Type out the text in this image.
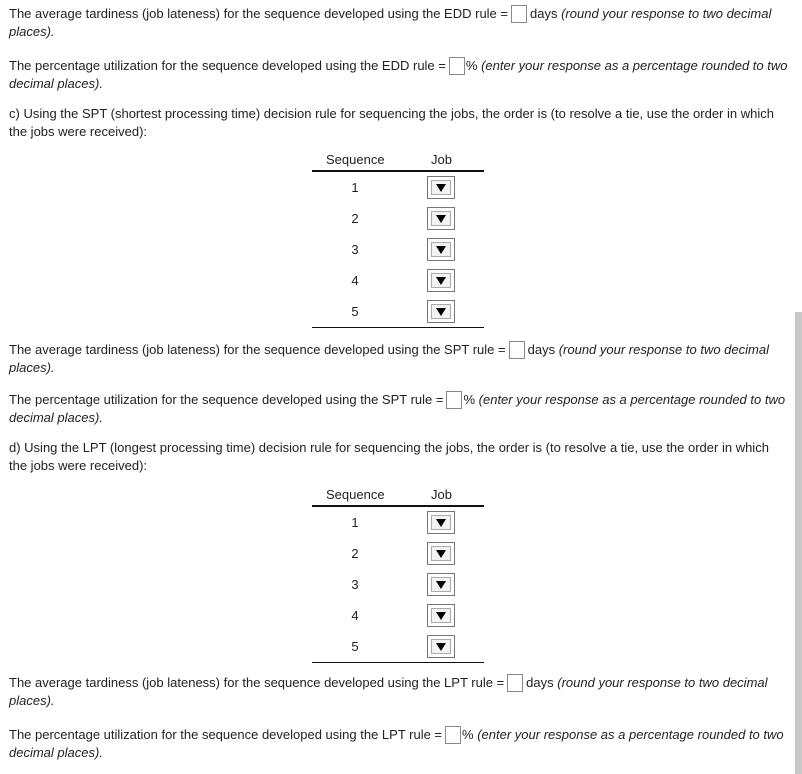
The average tardiness (job lateness) for the sequence developed using the EDD rule = days (round your response to two decimal places).
The percentage utilization for the sequence developed using the EDD rule = % (enter your response as a percentage rounded to two decimal places).
c) Using the SPT (shortest processing time) decision rule for sequencing the jobs, the order is (to resolve a tie, use the order in which the jobs were received):
Sequence	Job
1
2
3
4
5
The average tardiness (job lateness) for the sequence developed using the SPT rule = days (round your response to two decimal places).
The percentage utilization for the sequence developed using the SPT rule = % (enter your response as a percentage rounded to two decimal places).
d) Using the LPT (longest processing time) decision rule for sequencing the jobs, the order is (to resolve a tie, use the order in which the jobs were received):
Sequence	Job
1
2
3
4
5
The average tardiness (job lateness) for the sequence developed using the LPT rule = days (round your response to two decimal places).
The percentage utilization for the sequence developed using the LPT rule = % (enter your response as a percentage rounded to two decimal places).
